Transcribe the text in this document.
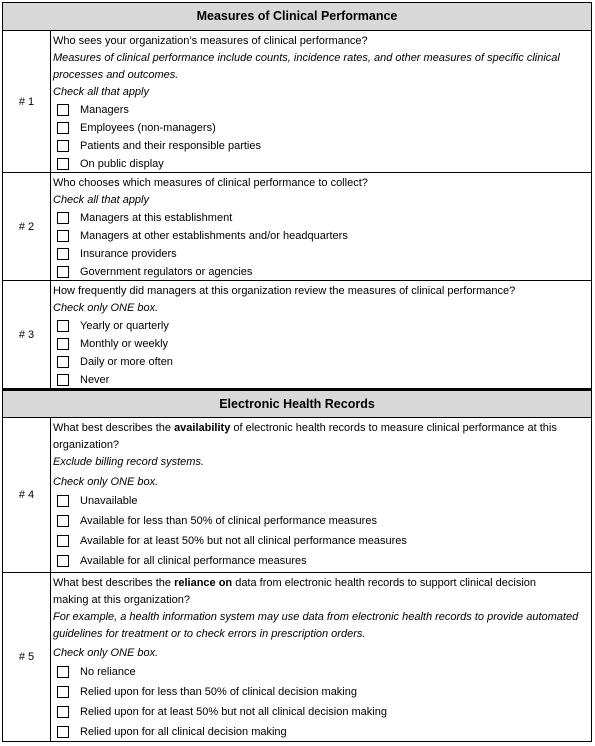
Measures of Clinical Performance
# 1
Who sees your organization’s measures of clinical performance?
Measures of clinical performance include counts, incidence rates, and other measures of specific clinical processes and outcomes.
Check all that apply
Managers
Employees (non-managers)
Patients and their responsible parties
On public display
# 2
Who chooses which measures of clinical performance to collect?
Check all that apply
Managers at this establishment
Managers at other establishments and/or headquarters
Insurance providers
Government regulators or agencies
# 3
How frequently did managers at this organization review the measures of clinical performance?
Check only ONE box.
Yearly or quarterly
Monthly or weekly
Daily or more often
Never
Electronic Health Records
# 4
What best describes the availability of electronic health records to measure clinical performance at this organization?
Exclude billing record systems.
Check only ONE box.
Unavailable
Available for less than 50% of clinical performance measures
Available for at least 50% but not all clinical performance measures
Available for all clinical performance measures
# 5
What best describes the reliance on data from electronic health records to support clinical decision making at this organization?
For example, a health information system may use data from electronic health records to provide automated guidelines for treatment or to check errors in prescription orders.
Check only ONE box.
No reliance
Relied upon for less than 50% of clinical decision making
Relied upon for at least 50% but not all clinical decision making
Relied upon for all clinical decision making
